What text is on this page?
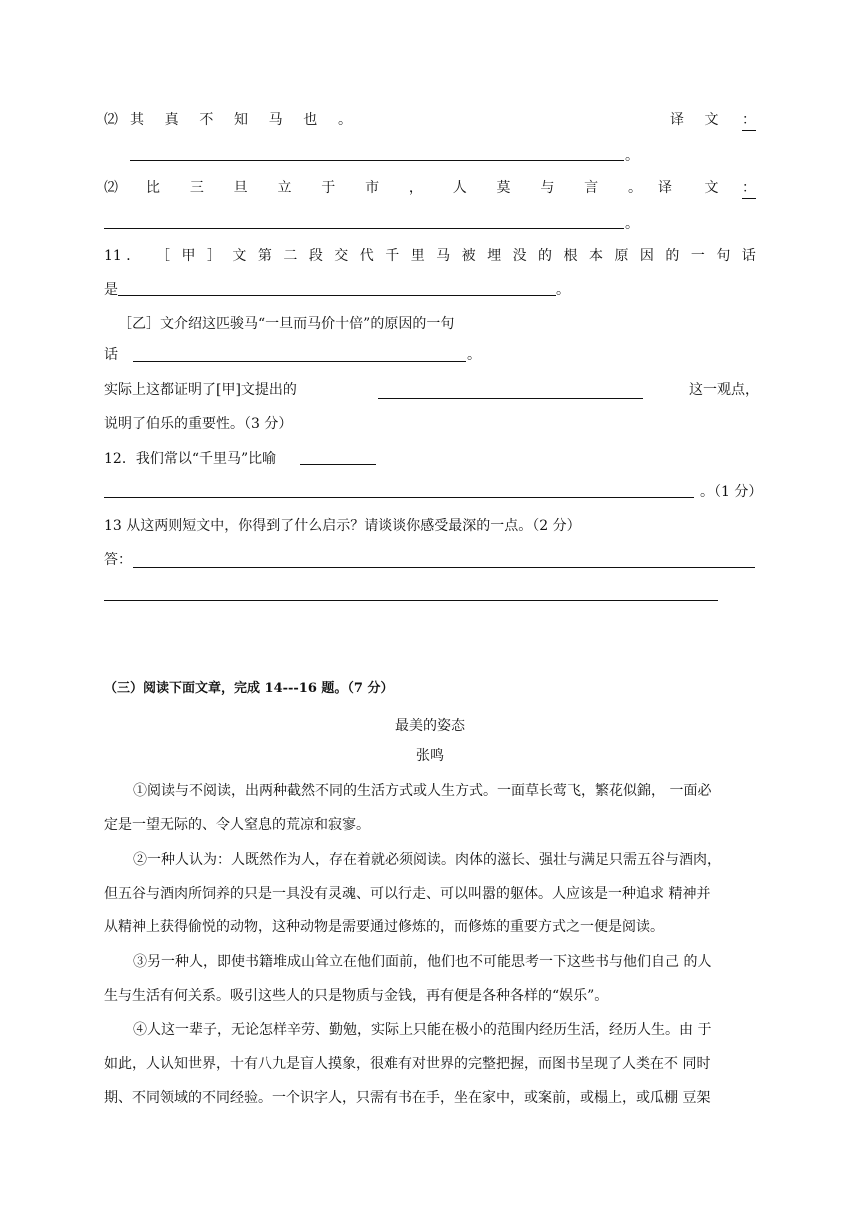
⑵ 其 真 不 知 马 也 。	译 文 ：
。
⑵ 比 三 旦 立 于 市 ， 人 莫 与 言 。 译 文 ：
。
11 ． ［ 甲 ］ 文 第 二 段 交 代 千 里 马 被 埋 没 的 根 本 原 因 的 一 句 话
是	。
［乙］文介绍这匹骏马“一旦而马价十倍”的原因的一句
话	。
实际上这都证明了[甲]文提出的	这一观点，
说明了伯乐的重要性。（3 分）
12．我们常以“千里马”比喻
。（1 分）
13 从这两则短文中，你得到了什么启示？请谈谈你感受最深的一点。（2 分）
答：
（三）阅读下面文章，完成 14---16 题。（7 分）
最美的姿态
张鸣
①阅读与不阅读，出两种截然不同的生活方式或人生方式。一面草长莺飞，繁花似錦， 一面必
定是一望无际的、令人窒息的荒凉和寂寥。
②一种人认为：人既然作为人，存在着就必须阅读。肉体的滋长、强壮与满足只需五谷与酒肉，
但五谷与酒肉所饲养的只是一具没有灵魂、可以行走、可以叫嚣的躯体。人应该是一种追求 精神并
从精神上获得偷悦的动物，这种动物是需要通过修炼的，而修炼的重要方式之一便是阅读。
③另一种人，即使书籍堆成山耸立在他们面前，他们也不可能思考一下这些书与他们自己 的人
生与生活有何关系。吸引这些人的只是物质与金钱，再有便是各种各样的“娱乐”。
④人这一辈子，无论怎样辛劳、勤勉，实际上只能在极小的范围内经历生活，经历人生。由 于
如此，人认知世界，十有八九是盲人摸象，很难有对世界的完整把握，而图书呈现了人类在不 同时
期、不同领域的不同经验。一个识字人，只需有书在手，坐在家中，或案前，或榻上，或瓜棚 豆架
